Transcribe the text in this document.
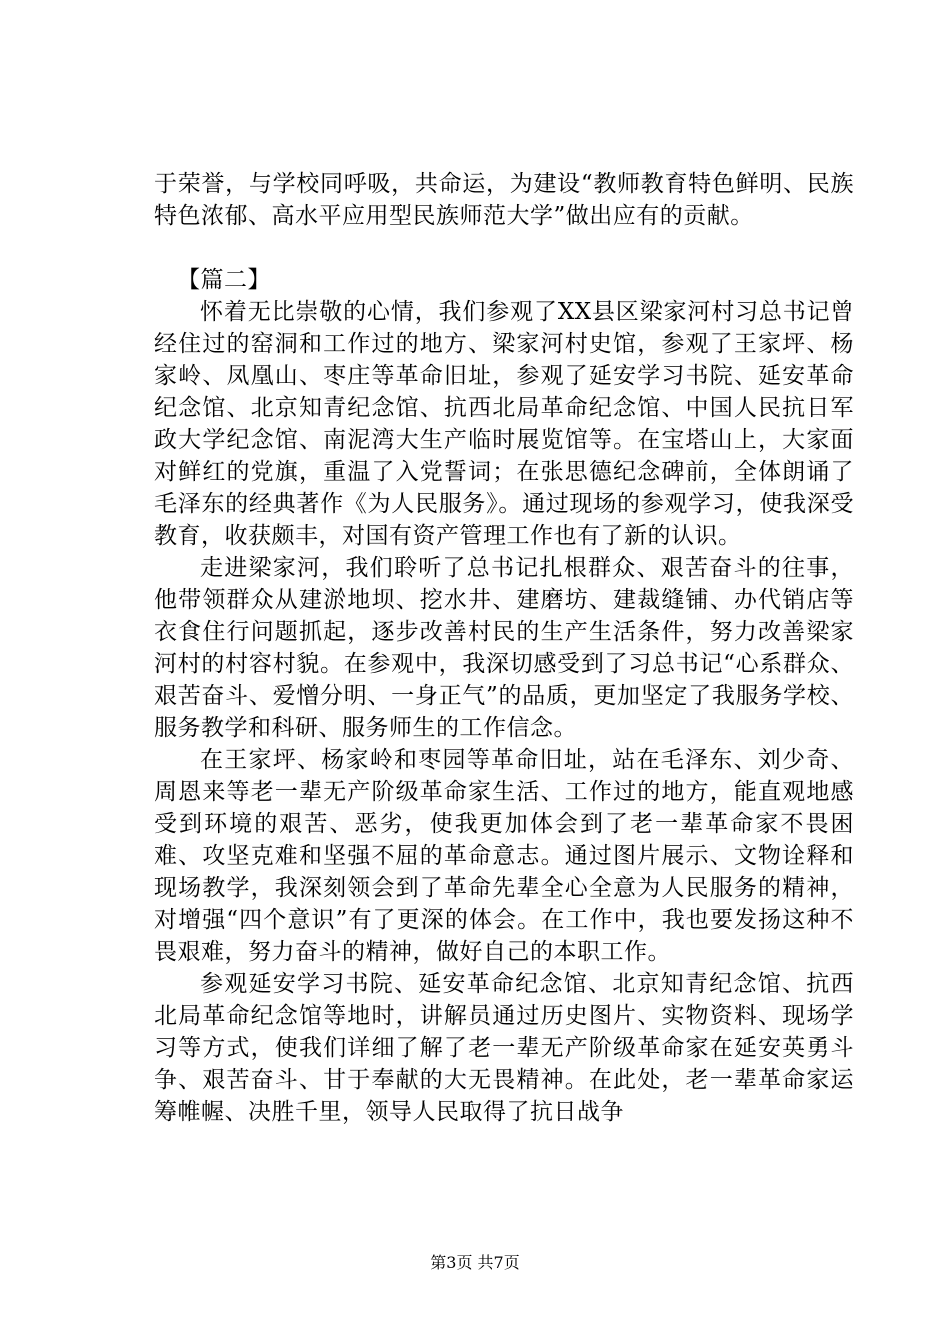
于荣誉，与学校同呼吸，共命运，为建设“教师教育特色鲜明、民族特色浓郁、高水平应用型民族师范大学”做出应有的贡献。

【篇二】

怀着无比崇敬的心情，我们参观了XX县区梁家河村习总书记曾经住过的窑洞和工作过的地方、梁家河村史馆，参观了王家坪、杨家岭、凤凰山、枣庄等革命旧址，参观了延安学习书院、延安革命纪念馆、北京知青纪念馆、抗西北局革命纪念馆、中国人民抗日军政大学纪念馆、南泥湾大生产临时展览馆等。在宝塔山上，大家面对鲜红的党旗，重温了入党誓词；在张思德纪念碑前，全体朗诵了毛泽东的经典著作《为人民服务》。通过现场的参观学习，使我深受教育，收获颇丰，对国有资产管理工作也有了新的认识。

走进梁家河，我们聆听了总书记扎根群众、艰苦奋斗的往事，他带领群众从建淤地坝、挖水井、建磨坊、建裁缝铺、办代销店等衣食住行问题抓起，逐步改善村民的生产生活条件，努力改善梁家河村的村容村貌。在参观中，我深切感受到了习总书记“心系群众、艰苦奋斗、爱憎分明、一身正气”的品质，更加坚定了我服务学校、服务教学和科研、服务师生的工作信念。

在王家坪、杨家岭和枣园等革命旧址，站在毛泽东、刘少奇、周恩来等老一辈无产阶级革命家生活、工作过的地方，能直观地感受到环境的艰苦、恶劣，使我更加体会到了老一辈革命家不畏困难、攻坚克难和坚强不屈的革命意志。通过图片展示、文物诠释和现场教学，我深刻领会到了革命先辈全心全意为人民服务的精神，对增强“四个意识”有了更深的体会。在工作中，我也要发扬这种不畏艰难，努力奋斗的精神，做好自己的本职工作。

参观延安学习书院、延安革命纪念馆、北京知青纪念馆、抗西北局革命纪念馆等地时，讲解员通过历史图片、实物资料、现场学习等方式，使我们详细了解了老一辈无产阶级革命家在延安英勇斗争、艰苦奋斗、甘于奉献的大无畏精神。在此处，老一辈革命家运筹帷幄、决胜千里，领导人民取得了抗日战争

第3页 共7页
